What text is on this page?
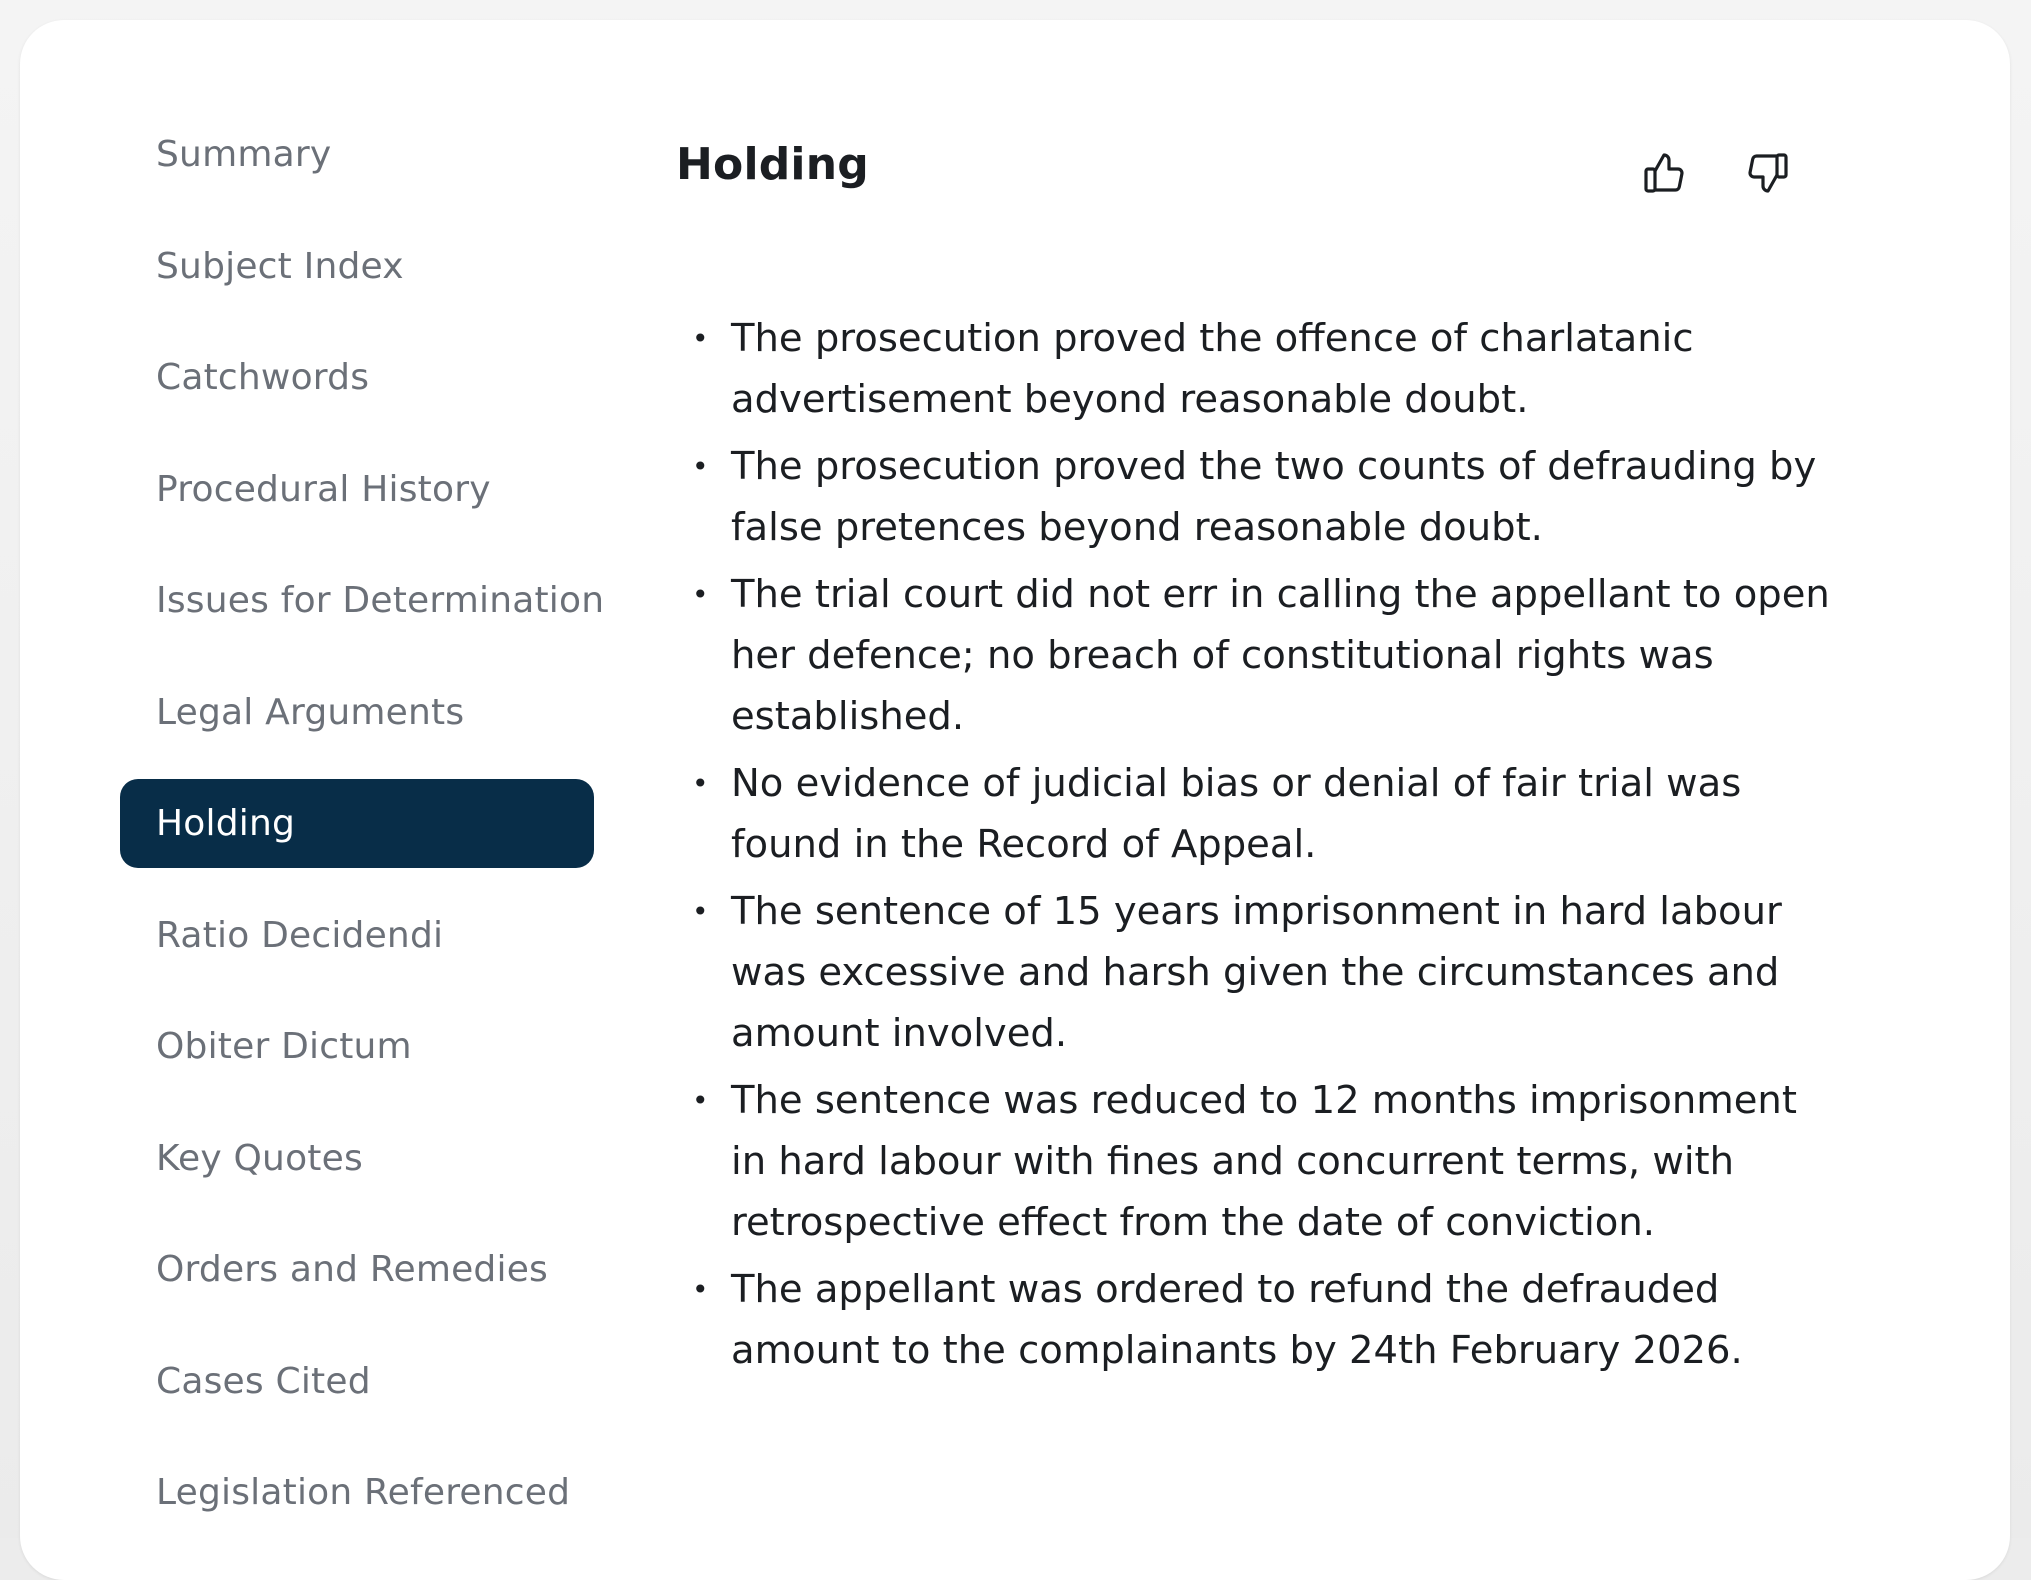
Summary
Subject Index
Catchwords
Procedural History
Issues for Determination
Legal Arguments
Holding
Ratio Decidendi
Obiter Dictum
Key Quotes
Orders and Remedies
Cases Cited
Legislation Referenced
Holding
• The prosecution proved the offence of charlatanic advertisement beyond reasonable doubt.
• The prosecution proved the two counts of defrauding by false pretences beyond reasonable doubt.
• The trial court did not err in calling the appellant to open her defence; no breach of constitutional rights was established.
• No evidence of judicial bias or denial of fair trial was found in the Record of Appeal.
• The sentence of 15 years imprisonment in hard labour was excessive and harsh given the circumstances and amount involved.
• The sentence was reduced to 12 months imprisonment in hard labour with fines and concurrent terms, with retrospective effect from the date of conviction.
• The appellant was ordered to refund the defrauded amount to the complainants by 24th February 2026.
